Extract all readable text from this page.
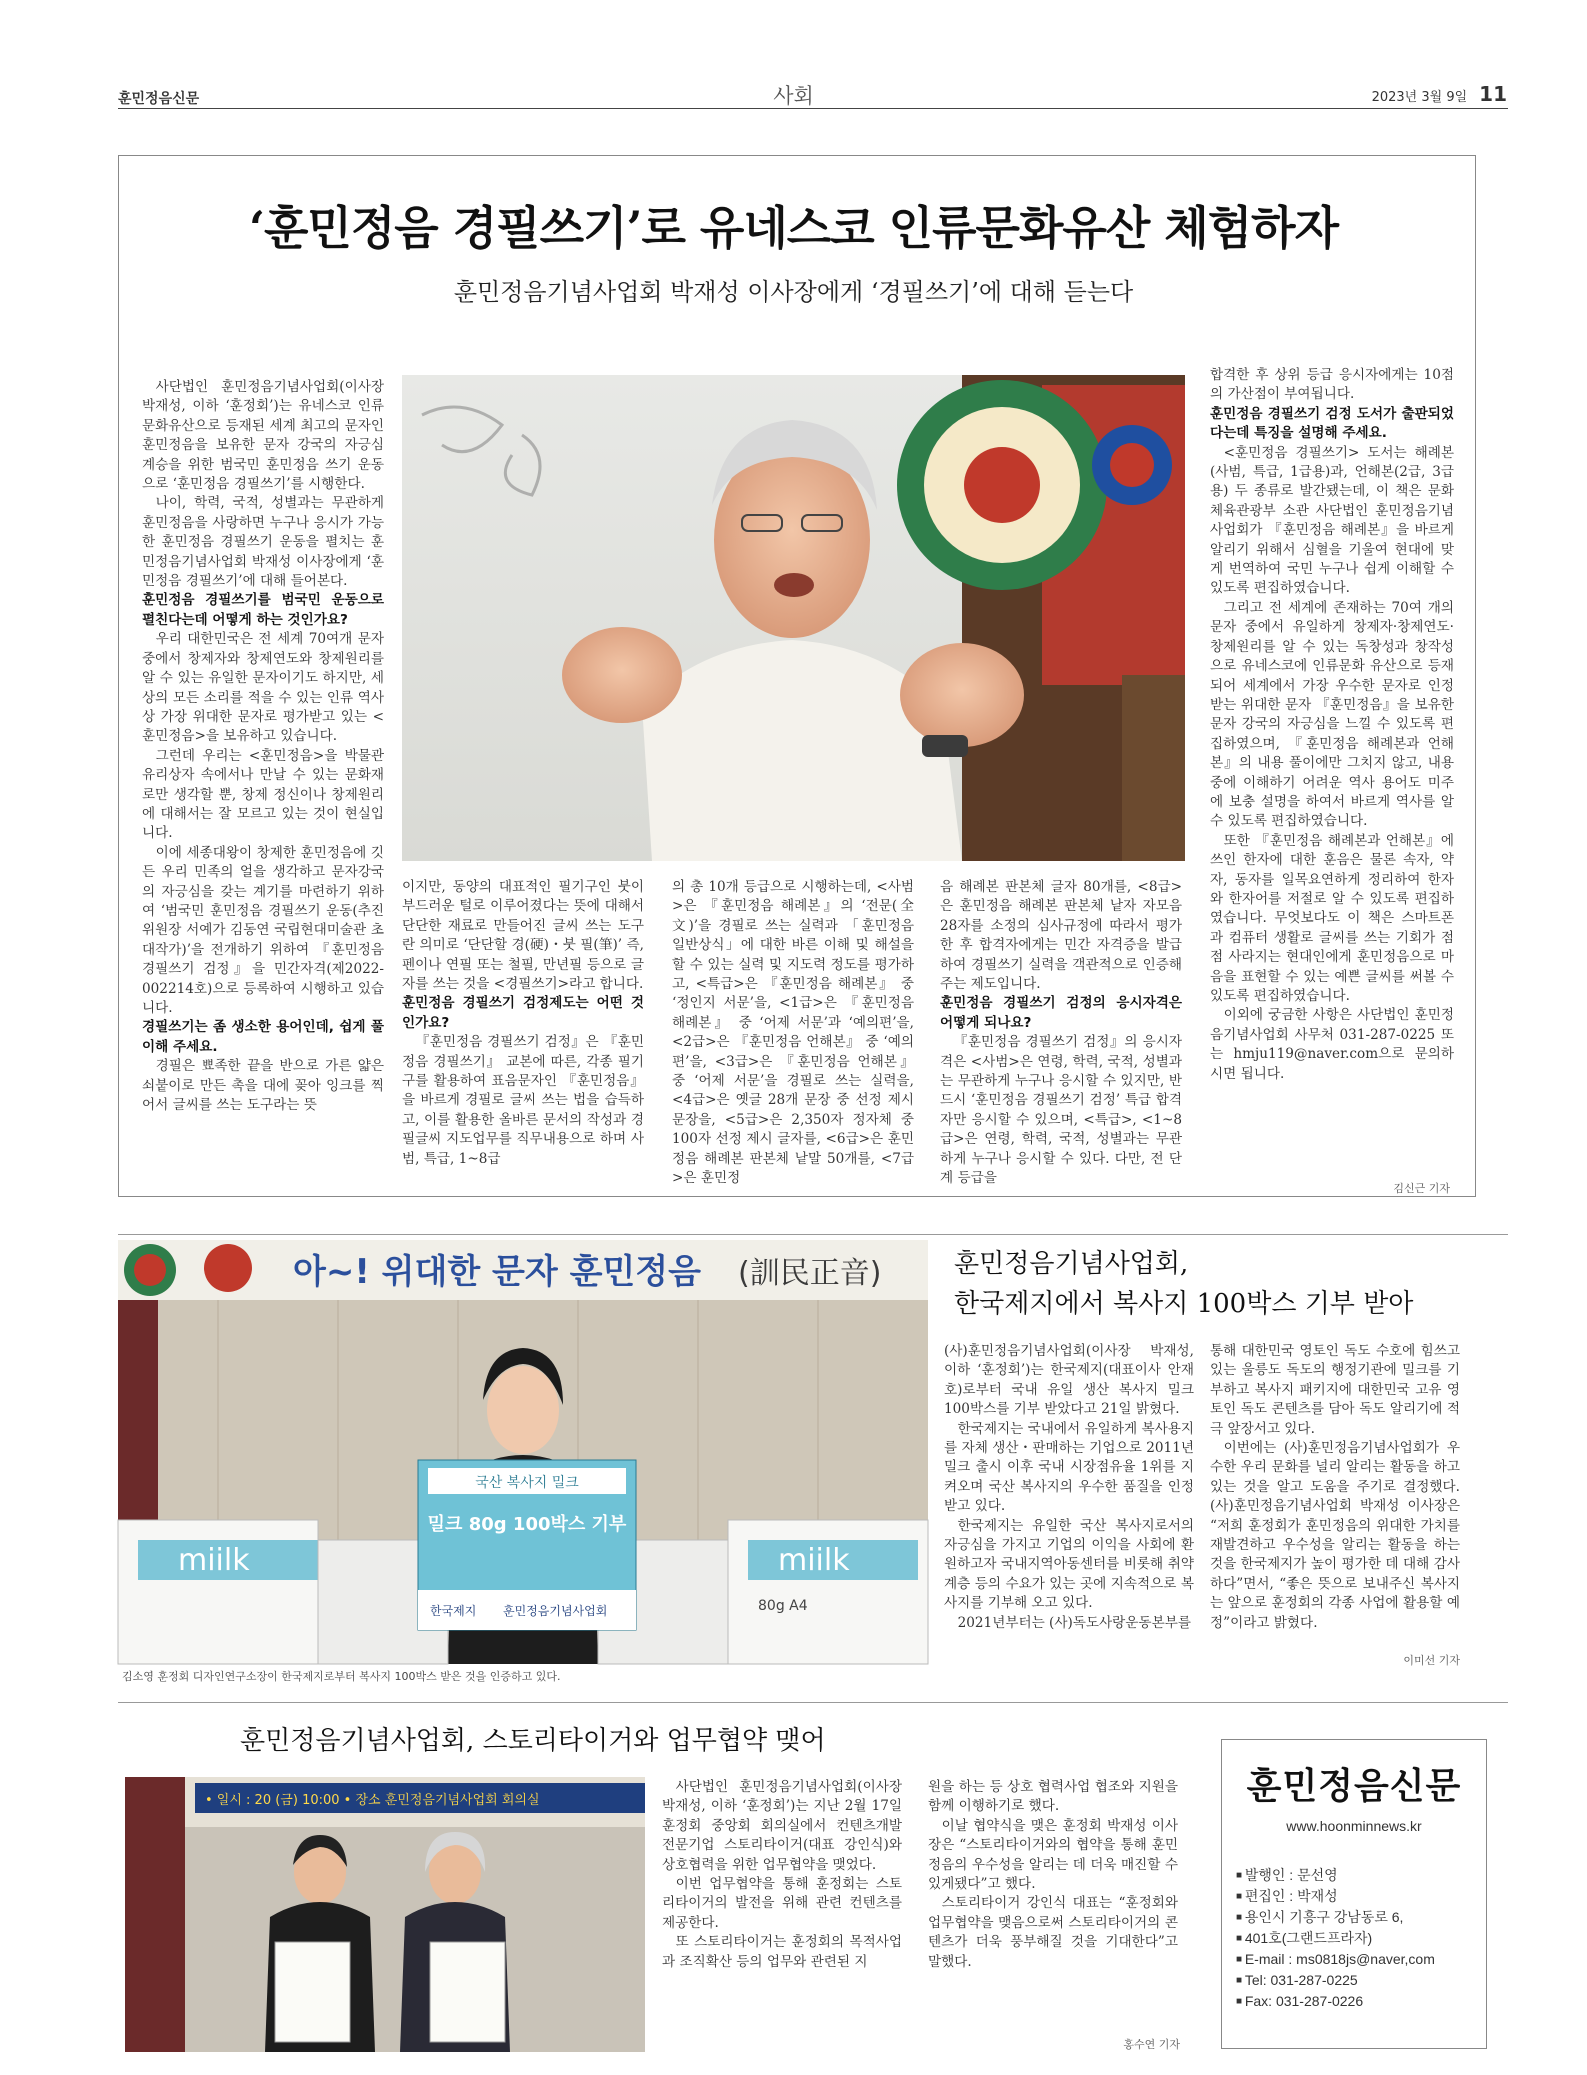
훈민정음신문	사회	2023년 3월 9일 11
‘훈민정음 경필쓰기’로 유네스코 인류문화유산 체험하자
훈민정음기념사업회 박재성 이사장에게 ‘경필쓰기’에 대해 듣는다

사단법인 훈민정음기념사업회(이사장 박재성, 이하 ‘훈정회’)는 유네스코 인류문화유산으로 등재된 세계 최고의 문자인 훈민정음을 보유한 문자 강국의 자긍심 계승을 위한 범국민 훈민정음 쓰기 운동으로 ‘훈민정음 경필쓰기’를 시행한다.

나이, 학력, 국적, 성별과는 무관하게 훈민정음을 사랑하면 누구나 응시가 가능한 훈민정음 경필쓰기 운동을 펼치는 훈민정음기념사업회 박재성 이사장에게 ‘훈민정음 경필쓰기’에 대해 들어본다.

훈민정음 경필쓰기를 범국민 운동으로 펼친다는데 어떻게 하는 것인가요?

우리 대한민국은 전 세계 70여개 문자 중에서 창제자와 창제연도와 창제원리를 알 수 있는 유일한 문자이기도 하지만, 세상의 모든 소리를 적을 수 있는 인류 역사상 가장 위대한 문자로 평가받고 있는 <훈민정음>을 보유하고 있습니다.

그런데 우리는 <훈민정음>을 박물관 유리상자 속에서나 만날 수 있는 문화재로만 생각할 뿐, 창제 정신이나 창제원리에 대해서는 잘 모르고 있는 것이 현실입니다.

이에 세종대왕이 창제한 훈민정음에 깃든 우리 민족의 얼을 생각하고 문자강국의 자긍심을 갖는 계기를 마련하기 위하여 ‘범국민 훈민정음 경필쓰기 운동(추진위원장 서예가 김동연 국립현대미술관 초대작가)’을 전개하기 위하여 『훈민정음 경필쓰기 검정』을 민간자격(제2022-002214호)으로 등록하여 시행하고 있습니다.

경필쓰기는 좀 생소한 용어인데, 쉽게 풀이해 주세요.

경필은 뾰족한 끝을 반으로 가른 얇은 쇠붙이로 만든 촉을 대에 꽂아 잉크를 찍어서 글씨를 쓰는 도구라는 뜻

이지만, 동양의 대표적인 필기구인 붓이 부드러운 털로 이루어졌다는 뜻에 대해서 단단한 재료로 만들어진 글씨 쓰는 도구란 의미로 ‘단단할 경(硬)・붓 필(筆)’ 즉, 펜이나 연필 또는 철필, 만년필 등으로 글자를 쓰는 것을 <경필쓰기>라고 합니다.

훈민정음 경필쓰기 검정제도는 어떤 것인가요?

『훈민정음 경필쓰기 검정』은 『훈민정음 경필쓰기』 교본에 따른, 각종 필기구를 활용하여 표음문자인 『훈민정음』을 바르게 경필로 글씨 쓰는 법을 습득하고, 이를 활용한 올바른 문서의 작성과 경필글씨 지도업무를 직무내용으로 하며 사범, 특급, 1~8급

의 총 10개 등급으로 시행하는데, <사범>은 『훈민정음 해례본』의 ‘전문(全文)’을 경필로 쓰는 실력과 「훈민정음 일반상식」에 대한 바른 이해 및 해설을 할 수 있는 실력 및 지도력 정도를 평가하고, <특급>은 『훈민정음 해례본』 중 ‘정인지 서문’을, <1급>은 『훈민정음 해례본』 중 ‘어제 서문’과 ‘예의편’을, <2급>은 『훈민정음 언해본』 중 ‘예의편’을, <3급>은 『훈민정음 언해본』 중 ‘어제 서문’을 경필로 쓰는 실력을, <4급>은 옛글 28개 문장 중 선정 제시 문장을, <5급>은 2,350자 정자체 중 100자 선정 제시 글자를, <6급>은 훈민정음 해례본 판본체 낱말 50개를, <7급>은 훈민정

음 해례본 판본체 글자 80개를, <8급>은 훈민정음 해례본 판본체 낱자 자모음 28자를 소정의 심사규정에 따라서 평가한 후 합격자에게는 민간 자격증을 발급하여 경필쓰기 실력을 객관적으로 인증해 주는 제도입니다.

훈민정음 경필쓰기 검정의 응시자격은 어떻게 되나요?

『훈민정음 경필쓰기 검정』의 응시자격은 <사범>은 연령, 학력, 국적, 성별과는 무관하게 누구나 응시할 수 있지만, 반드시 ‘훈민정음 경필쓰기 검정’ 특급 합격자만 응시할 수 있으며, <특급>, <1~8급>은 연령, 학력, 국적, 성별과는 무관하게 누구나 응시할 수 있다. 다만, 전 단계 등급을

합격한 후 상위 등급 응시자에게는 10점의 가산점이 부여됩니다.

훈민정음 경필쓰기 검정 도서가 출판되었다는데 특징을 설명해 주세요.

<훈민정음 경필쓰기> 도서는 해례본(사범, 특급, 1급용)과, 언해본(2급, 3급용) 두 종류로 발간됐는데, 이 책은 문화체육관광부 소관 사단법인 훈민정음기념사업회가 『훈민정음 해례본』을 바르게 알리기 위해서 심혈을 기울여 현대에 맞게 번역하여 국민 누구나 쉽게 이해할 수 있도록 편집하였습니다.

그리고 전 세계에 존재하는 70여 개의 문자 중에서 유일하게 창제자·창제연도·창제원리를 알 수 있는 독창성과 창작성으로 유네스코에 인류문화 유산으로 등재되어 세계에서 가장 우수한 문자로 인정받는 위대한 문자 『훈민정음』을 보유한 문자 강국의 자긍심을 느낄 수 있도록 편집하였으며, 『훈민정음 해례본과 언해본』의 내용 풀이에만 그치지 않고, 내용 중에 이해하기 어려운 역사 용어도 미주에 보충 설명을 하여서 바르게 역사를 알 수 있도록 편집하였습니다.

또한 『훈민정음 해례본과 언해본』에 쓰인 한자에 대한 훈음은 물론 속자, 약자, 동자를 일목요연하게 정리하여 한자와 한자어를 저절로 알 수 있도록 편집하였습니다. 무엇보다도 이 책은 스마트폰과 컴퓨터 생활로 글씨를 쓰는 기회가 점점 사라지는 현대인에게 훈민정음으로 마음을 표현할 수 있는 예쁜 글씨를 써볼 수 있도록 편집하였습니다.

이외에 궁금한 사항은 사단법인 훈민정음기념사업회 사무처 031-287-0225 또는 hmju119@naver.com으로 문의하시면 됩니다.

김신근 기자
아~! 위대한 문자 훈민정음 (訓民正音)
miilk	miilk
80g A4
국산 복사지 밀크
밀크 80g 100박스 기부
한국제지 훈민정음기념사업회
김소영 훈정회 디자인연구소장이 한국제지로부터 복사지 100박스 받은 것을 인증하고 있다.
훈민정음기념사업회,
한국제지에서 복사지 100박스 기부 받아

(사)훈민정음기념사업회(이사장 박재성, 이하 ‘훈정회’)는 한국제지(대표이사 안재호)로부터 국내 유일 생산 복사지 밀크 100박스를 기부 받았다고 21일 밝혔다.

한국제지는 국내에서 유일하게 복사용지를 자체 생산・판매하는 기업으로 2011년 밀크 출시 이후 국내 시장점유율 1위를 지켜오며 국산 복사지의 우수한 품질을 인정받고 있다.

한국제지는 유일한 국산 복사지로서의 자긍심을 가지고 기업의 이익을 사회에 환원하고자 국내지역아동센터를 비롯해 취약계층 등의 수요가 있는 곳에 지속적으로 복사지를 기부해 오고 있다.

2021년부터는 (사)독도사랑운동본부를

통해 대한민국 영토인 독도 수호에 힘쓰고 있는 울릉도 독도의 행정기관에 밀크를 기부하고 복사지 패키지에 대한민국 고유 영토인 독도 콘텐츠를 담아 독도 알리기에 적극 앞장서고 있다.

이번에는 (사)훈민정음기념사업회가 우수한 우리 문화를 널리 알리는 활동을 하고 있는 것을 알고 도움을 주기로 결정했다. (사)훈민정음기념사업회 박재성 이사장은 “저희 훈정회가 훈민정음의 위대한 가치를 재발견하고 우수성을 알리는 활동을 하는 것을 한국제지가 높이 평가한 데 대해 감사하다”면서, “좋은 뜻으로 보내주신 복사지는 앞으로 훈정회의 각종 사업에 활용할 예정”이라고 밝혔다.

이미선 기자
훈민정음기념사업회, 스토리타이거와 업무협약 맺어
• 일시 : 20 (금) 10:00 • 장소 훈민정음기념사업회 회의실

사단법인 훈민정음기념사업회(이사장 박재성, 이하 ‘훈정회’)는 지난 2월 17일 훈정회 중앙회 회의실에서 컨텐츠개발 전문기업 스토리타이거(대표 강인식)와 상호협력을 위한 업무협약을 맺었다.

이번 업무협약을 통해 훈정회는 스토리타이거의 발전을 위해 관련 컨텐츠를 제공한다.

또 스토리타이거는 훈정회의 목적사업과 조직확산 등의 업무와 관련된 지

원을 하는 등 상호 협력사업 협조와 지원을 함께 이행하기로 했다.

이날 협약식을 맺은 훈정회 박재성 이사장은 “스토리타이거와의 협약을 통해 훈민정음의 우수성을 알리는 데 더욱 매진할 수 있게됐다”고 했다.

스토리타이거 강인식 대표는 “훈정회와 업무협약을 맺음으로써 스토리타이거의 콘텐츠가 더욱 풍부해질 것을 기대한다”고 말했다.

홍수연 기자
훈민정음신문
www.hoonminnews.kr
■ 발행인 : 문선영
■ 편집인 : 박재성
■ 용인시 기흥구 강남동로 6,
■ 401호(그랜드프라자)
■ E-mail : ms0818js@naver,com
■ Tel: 031-287-0225
■ Fax: 031-287-0226
